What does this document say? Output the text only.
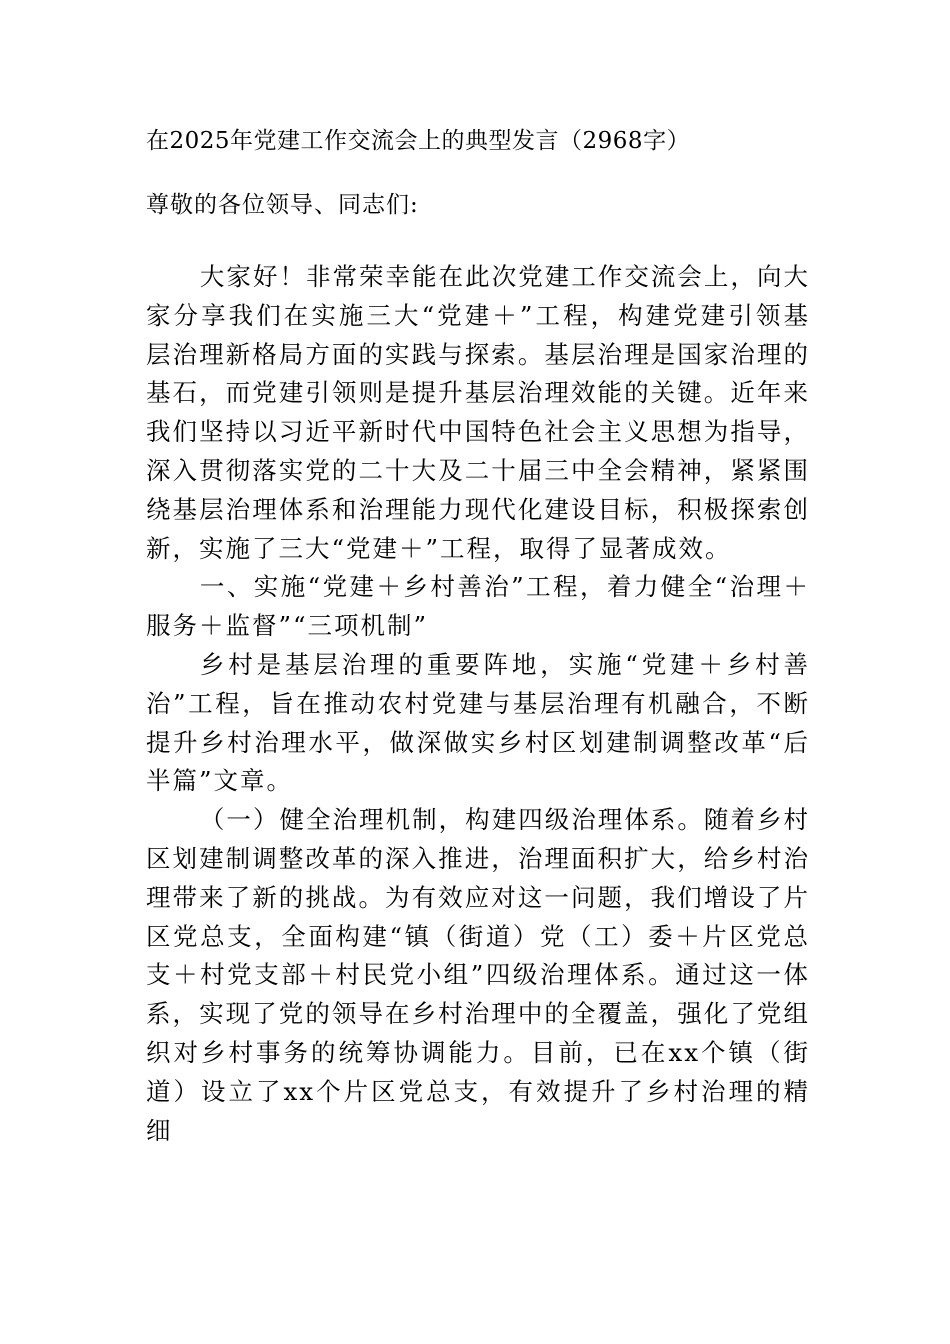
在2025年党建工作交流会上的典型发言（2968字）
尊敬的各位领导、同志们:

大家好！非常荣幸能在此次党建工作交流会上，向大家分享我们在实施三大“党建＋”工程，构建党建引领基层治理新格局方面的实践与探索。基层治理是国家治理的基石，而党建引领则是提升基层治理效能的关键。近年来我们坚持以习近平新时代中国特色社会主义思想为指导，深入贯彻落实党的二十大及二十届三中全会精神，紧紧围绕基层治理体系和治理能力现代化建设目标，积极探索创新，实施了三大“党建＋”工程，取得了显著成效。

一、实施“党建＋乡村善治”工程，着力健全“治理＋服务＋监督”“三项机制”

乡村是基层治理的重要阵地，实施“党建＋乡村善治”工程，旨在推动农村党建与基层治理有机融合，不断提升乡村治理水平，做深做实乡村区划建制调整改革“后半篇”文章。

（一）健全治理机制，构建四级治理体系。随着乡村区划建制调整改革的深入推进，治理面积扩大，给乡村治理带来了新的挑战。为有效应对这一问题，我们增设了片区党总支，全面构建“镇（街道）党（工）委＋片区党总支＋村党支部＋村民党小组”四级治理体系。通过这一体系，实现了党的领导在乡村治理中的全覆盖，强化了党组织对乡村事务的统筹协调能力。目前，已在xx个镇（街道）设立了xx个片区党总支，有效提升了乡村治理的精细
